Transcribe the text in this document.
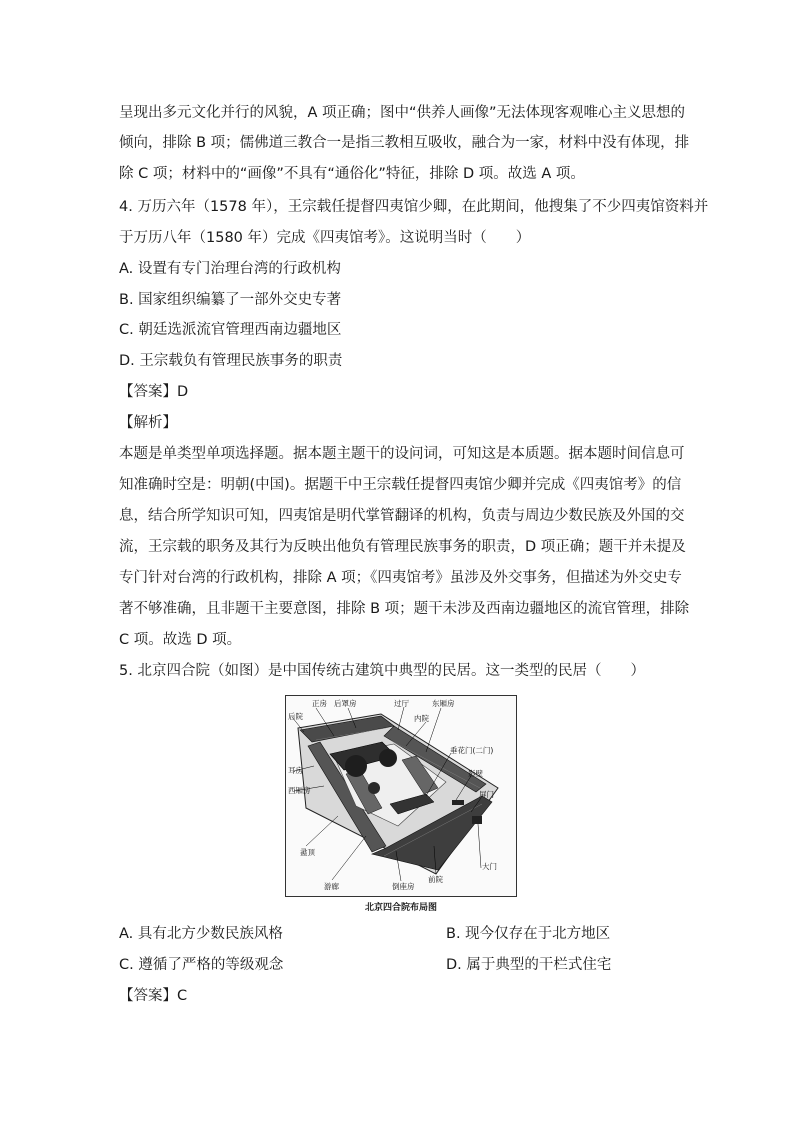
呈现出多元文化并行的风貌，A 项正确；图中“供养人画像”无法体现客观唯心主义思想的
倾向，排除 B 项；儒佛道三教合一是指三教相互吸收，融合为一家，材料中没有体现，排
除 C 项；材料中的“画像”不具有“通俗化”特征，排除 D 项。故选 A 项。
4. 万历六年（1578 年），王宗载任提督四夷馆少卿，在此期间，他搜集了不少四夷馆资料并
于万历八年（1580 年）完成《四夷馆考》。这说明当时（　　）
A. 设置有专门治理台湾的行政机构
B. 国家组织编纂了一部外交史专著
C. 朝廷选派流官管理西南边疆地区
D. 王宗载负有管理民族事务的职责
【答案】D
【解析】
本题是单类型单项选择题。据本题主题干的设问词，可知这是本质题。据本题时间信息可
知准确时空是：明朝(中国)。据题干中王宗载任提督四夷馆少卿并完成《四夷馆考》的信
息，结合所学知识可知，四夷馆是明代掌管翻译的机构，负责与周边少数民族及外国的交
流，王宗载的职务及其行为反映出他负有管理民族事务的职责，D 项正确；题干并未提及
专门针对台湾的行政机构，排除 A 项；《四夷馆考》虽涉及外交事务，但描述为外交史专
著不够准确，且非题干主要意图，排除 B 项；题干未涉及西南边疆地区的流官管理，排除
C 项。故选 D 项。
5. 北京四合院（如图）是中国传统古建筑中典型的民居。这一类型的民居（　　）
正房 后罩房
后院
过厅	东厢房
内院
垂花门(二门)
影壁
屏门
耳房
西厢房
盝顶
游廊	倒座房
前院
大门
北京四合院布局图
A. 具有北方少数民族风格	B. 现今仅存在于北方地区
C. 遵循了严格的等级观念	D. 属于典型的干栏式住宅
【答案】C
